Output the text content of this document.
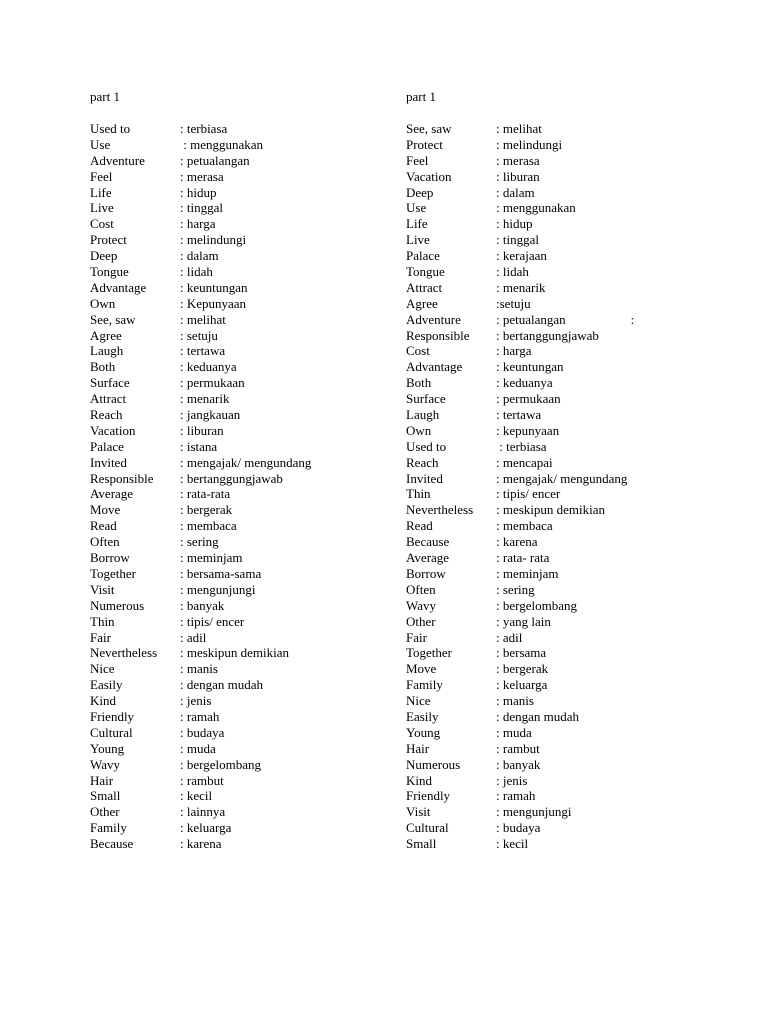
part 1
Used to	: terbiasa
Use	: menggunakan
Adventure	: petualangan
Feel	: merasa
Life	: hidup
Live	: tinggal
Cost	: harga
Protect	: melindungi
Deep	: dalam
Tongue	: lidah
Advantage	: keuntungan
Own	: Kepunyaan
See, saw	: melihat
Agree	: setuju
Laugh	: tertawa
Both	: keduanya
Surface	: permukaan
Attract	: menarik
Reach	: jangkauan
Vacation	: liburan
Palace	: istana
Invited	: mengajak/ mengundang
Responsible : bertanggungjawab
Average	: rata-rata
Move	: bergerak
Read	: membaca
Often	: sering
Borrow	: meminjam
Together	: bersama-sama
Visit	: mengunjungi
Numerous	: banyak
Thin	: tipis/ encer
Fair	: adil
Nevertheless : meskipun demikian
Nice	: manis
Easily	: dengan mudah
Kind	: jenis
Friendly	: ramah
Cultural	: budaya
Young	: muda
Wavy	: bergelombang
Hair	: rambut
Small	: kecil
Other	: lainnya
Family	: keluarga
Because	: karena
part 1
See, saw	: melihat
Protect	: melindungi
Feel	: merasa
Vacation	: liburan
Deep	: dalam
Use	: menggunakan
Life	: hidup
Live	: tinggal
Palace	: kerajaan
Tongue	: lidah
Attract	: menarik
Agree	:setuju
Adventure	: petualangan                    :
Responsible : bertanggungjawab
Cost	: harga
Advantage	: keuntungan
Both	: keduanya
Surface	: permukaan
Laugh	: tertawa
Own	: kepunyaan
Used to	: terbiasa
Reach	: mencapai
Invited	: mengajak/ mengundang
Thin	: tipis/ encer
Nevertheless : meskipun demikian
Read	: membaca
Because	: karena
Average	: rata- rata
Borrow	: meminjam
Often	: sering
Wavy	: bergelombang
Other	: yang lain
Fair	: adil
Together	: bersama
Move	: bergerak
Family	: keluarga
Nice	: manis
Easily	: dengan mudah
Young	: muda
Hair	: rambut
Numerous	: banyak
Kind	: jenis
Friendly	: ramah
Visit	: mengunjungi
Cultural	: budaya
Small	: kecil
